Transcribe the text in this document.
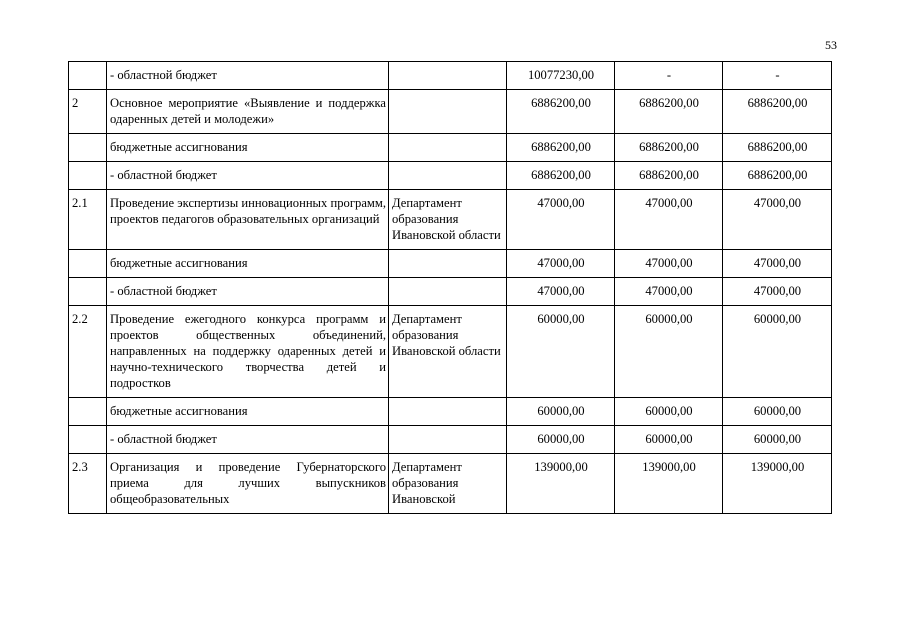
53
	- областной бюджет		10077230,00	-	-
2	Основное мероприятие «Выявление и поддержка одаренных детей и молодежи»		6886200,00	6886200,00	6886200,00
	бюджетные ассигнования		6886200,00	6886200,00	6886200,00
	- областной бюджет		6886200,00	6886200,00	6886200,00
2.1	Проведение экспертизы инновационных программ, проектов педагогов образовательных организаций	Департамент образования Ивановской области	47000,00	47000,00	47000,00
	бюджетные ассигнования		47000,00	47000,00	47000,00
	- областной бюджет		47000,00	47000,00	47000,00
2.2	Проведение ежегодного конкурса программ и проектов общественных объединений, направленных на поддержку одаренных детей и научно-технического творчества детей и подростков	Департамент образования Ивановской области	60000,00	60000,00	60000,00
	бюджетные ассигнования		60000,00	60000,00	60000,00
	- областной бюджет		60000,00	60000,00	60000,00
2.3	Организация и проведение Губернаторского приема для лучших выпускников общеобразовательных	Департамент образования Ивановской	139000,00	139000,00	139000,00
